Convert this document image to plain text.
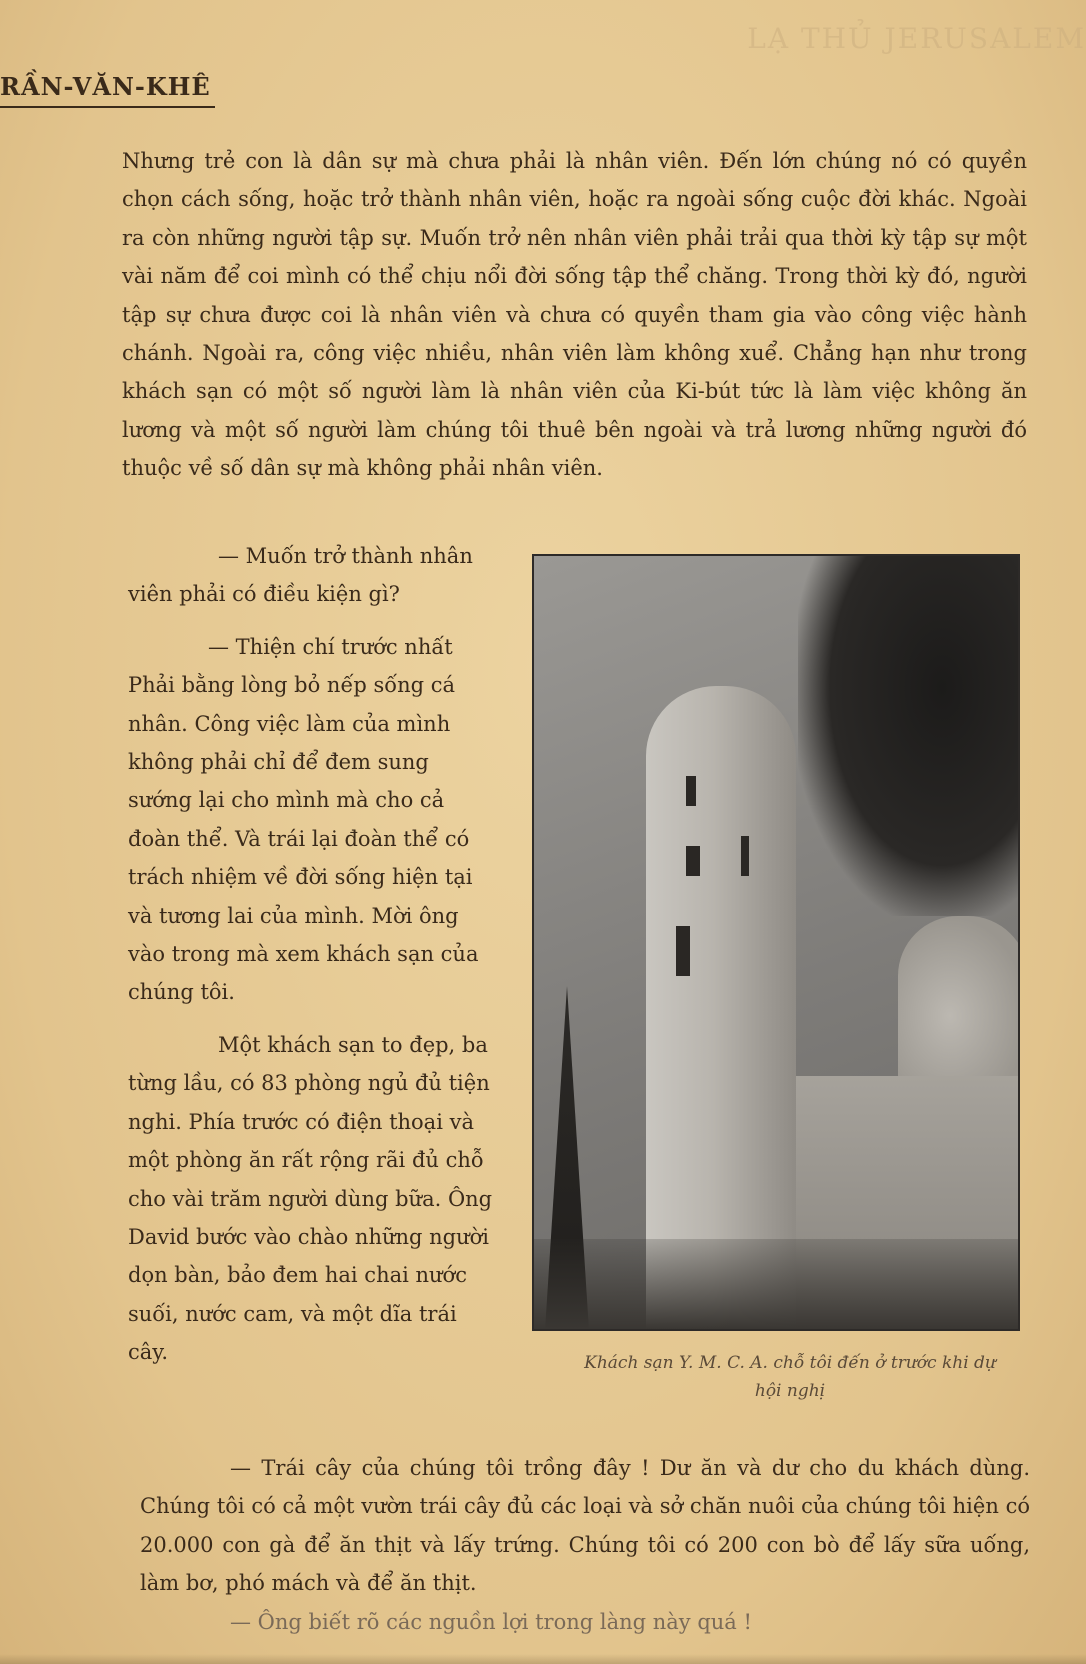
LẠ THỦ JERUSALEM
RẦN-VĂN-KHÊ
Nhưng trẻ con là dân sự mà chưa phải là nhân viên. Đến lớn chúng nó có quyền chọn cách sống, hoặc trở thành nhân viên, hoặc ra ngoài sống cuộc đời khác. Ngoài ra còn những người tập sự. Muốn trở nên nhân viên phải trải qua thời kỳ tập sự một vài năm để coi mình có thể chịu nổi đời sống tập thể chăng. Trong thời kỳ đó, người tập sự chưa được coi là nhân viên và chưa có quyền tham gia vào công việc hành chánh. Ngoài ra, công việc nhiều, nhân viên làm không xuể. Chẳng hạn như trong khách sạn có một số người làm là nhân viên của Ki-bút tức là làm việc không ăn lương và một số người làm chúng tôi thuê bên ngoài và trả lương những người đó thuộc về số dân sự mà không phải nhân viên.

— Muốn trở thành nhân viên phải có điều kiện gì?

— Thiện chí trước nhất

Phải bằng lòng bỏ nếp sống cá nhân. Công việc làm của mình không phải chỉ để đem sung sướng lại cho mình mà cho cả đoàn thể. Và trái lại đoàn thể có trách nhiệm về đời sống hiện tại và tương lai của mình. Mời ông vào trong mà xem khách sạn của chúng tôi.

Một khách sạn to đẹp, ba từng lầu, có 83 phòng ngủ đủ tiện nghi. Phía trước có điện thoại và một phòng ăn rất rộng rãi đủ chỗ cho vài trăm người dùng bữa. Ông David bước vào chào những người dọn bàn, bảo đem hai chai nước suối, nước cam, và một dĩa trái cây.	Khách sạn Y. M. C. A. chỗ tôi đến ở trước khi dự hội nghị

— Trái cây của chúng tôi trồng đây ! Dư ăn và dư cho du khách dùng. Chúng tôi có cả một vườn trái cây đủ các loại và sở chăn nuôi của chúng tôi hiện có 20.000 con gà để ăn thịt và lấy trứng. Chúng tôi có 200 con bò để lấy sữa uống, làm bơ, phó mách và để ăn thịt.

— Ông biết rõ các nguồn lợi trong làng này quá !
